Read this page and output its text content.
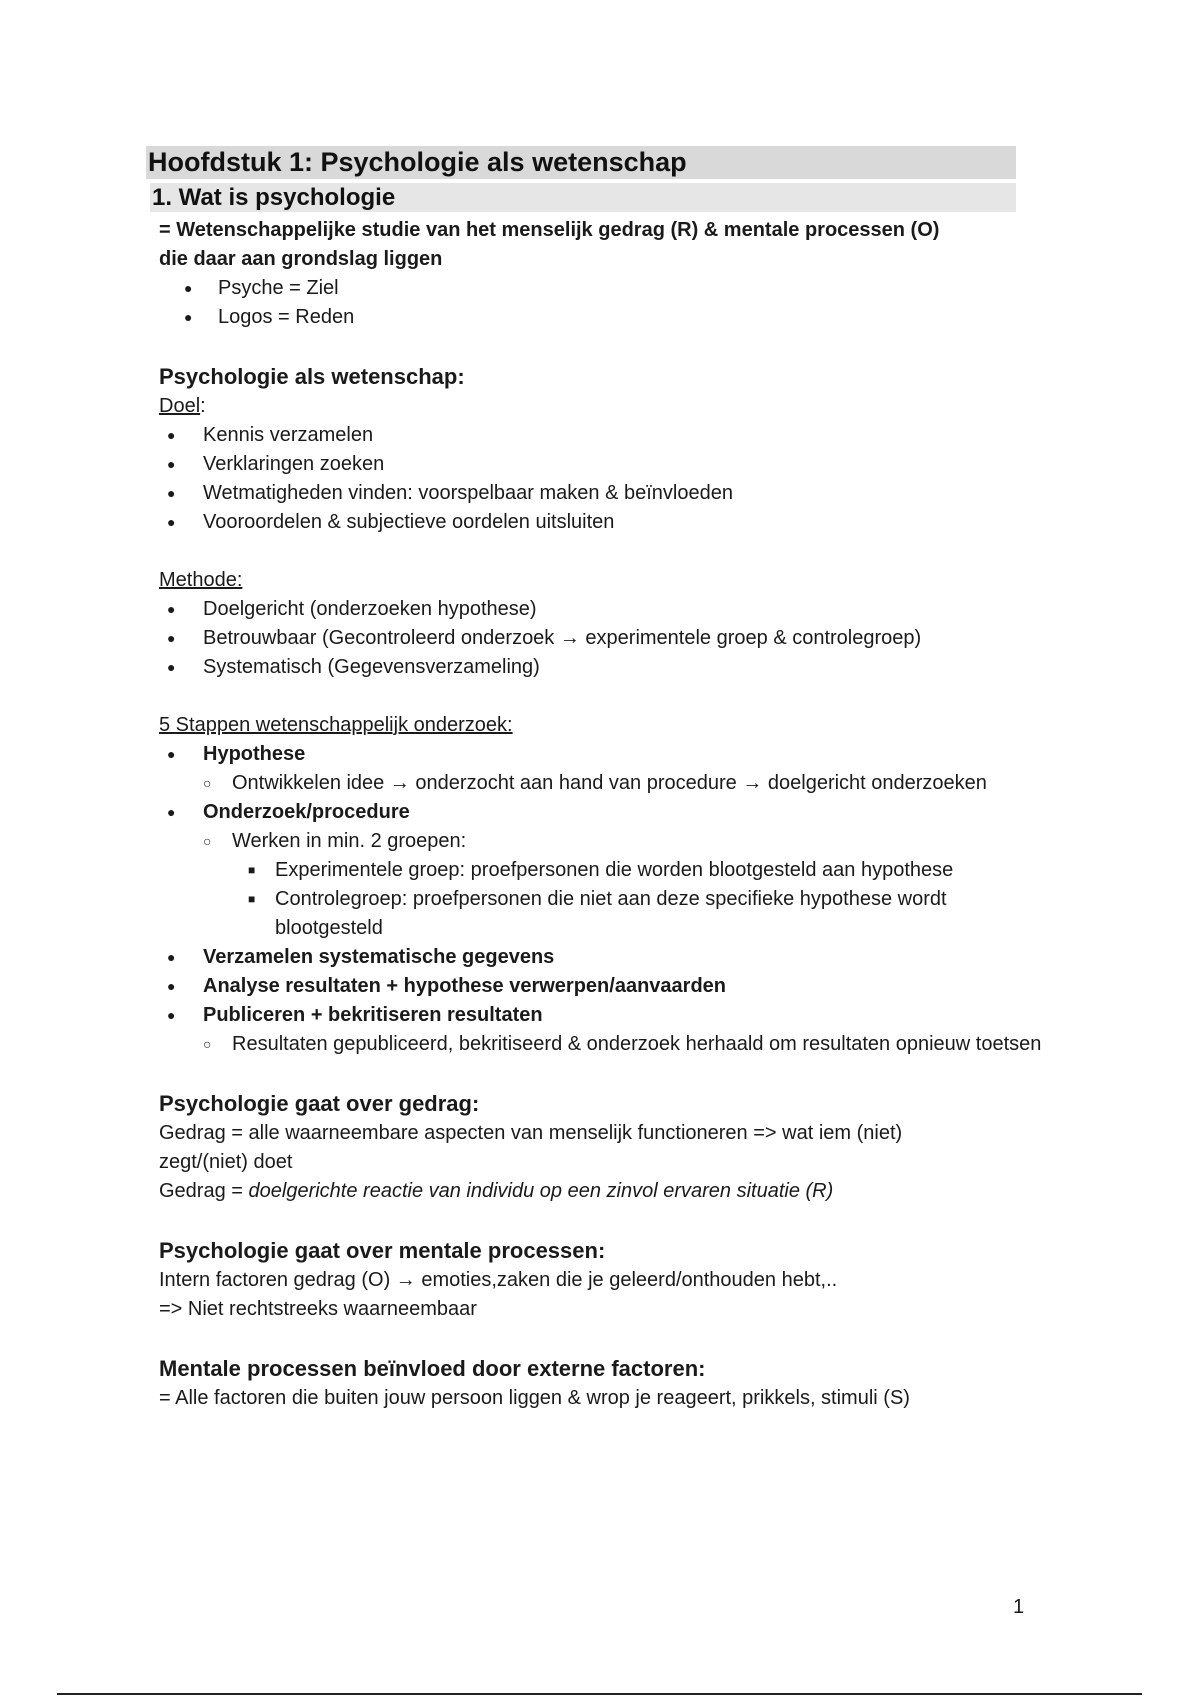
Hoofdstuk 1: Psychologie als wetenschap
1. Wat is psychologie

= Wetenschappelijke studie van het menselijk gedrag (R) & mentale processen (O)

die daar aan grondslag liggen

● Psyche = Ziel
● Logos = Reden

Psychologie als wetenschap:

Doel:

● Kennis verzamelen
● Verklaringen zoeken
● Wetmatigheden vinden: voorspelbaar maken & beïnvloeden
● Vooroordelen & subjectieve oordelen uitsluiten

Methode:

● Doelgericht (onderzoeken hypothese)
● Betrouwbaar (Gecontroleerd onderzoek → experimentele groep & controlegroep)
● Systematisch (Gegevensverzameling)

5 Stappen wetenschappelijk onderzoek:

● Hypothese
○ Ontwikkelen idee → onderzocht aan hand van procedure → doelgericht onderzoeken
● Onderzoek/procedure
○ Werken in min. 2 groepen:
■ Experimentele groep: proefpersonen die worden blootgesteld aan hypothese
■ Controlegroep: proefpersonen die niet aan deze specifieke hypothese wordt blootgesteld
● Verzamelen systematische gegevens
● Analyse resultaten + hypothese verwerpen/aanvaarden
● Publiceren + bekritiseren resultaten
○ Resultaten gepubliceerd, bekritiseerd & onderzoek herhaald om resultaten opnieuw toetsen

Psychologie gaat over gedrag:

Gedrag = alle waarneembare aspecten van menselijk functioneren => wat iem (niet)

zegt/(niet) doet

Gedrag = doelgerichte reactie van individu op een zinvol ervaren situatie (R)

Psychologie gaat over mentale processen:

Intern factoren gedrag (O) → emoties,zaken die je geleerd/onthouden hebt,..

=> Niet rechtstreeks waarneembaar

Mentale processen beïnvloed door externe factoren:

= Alle factoren die buiten jouw persoon liggen & wrop je reageert, prikkels, stimuli (S)

1
